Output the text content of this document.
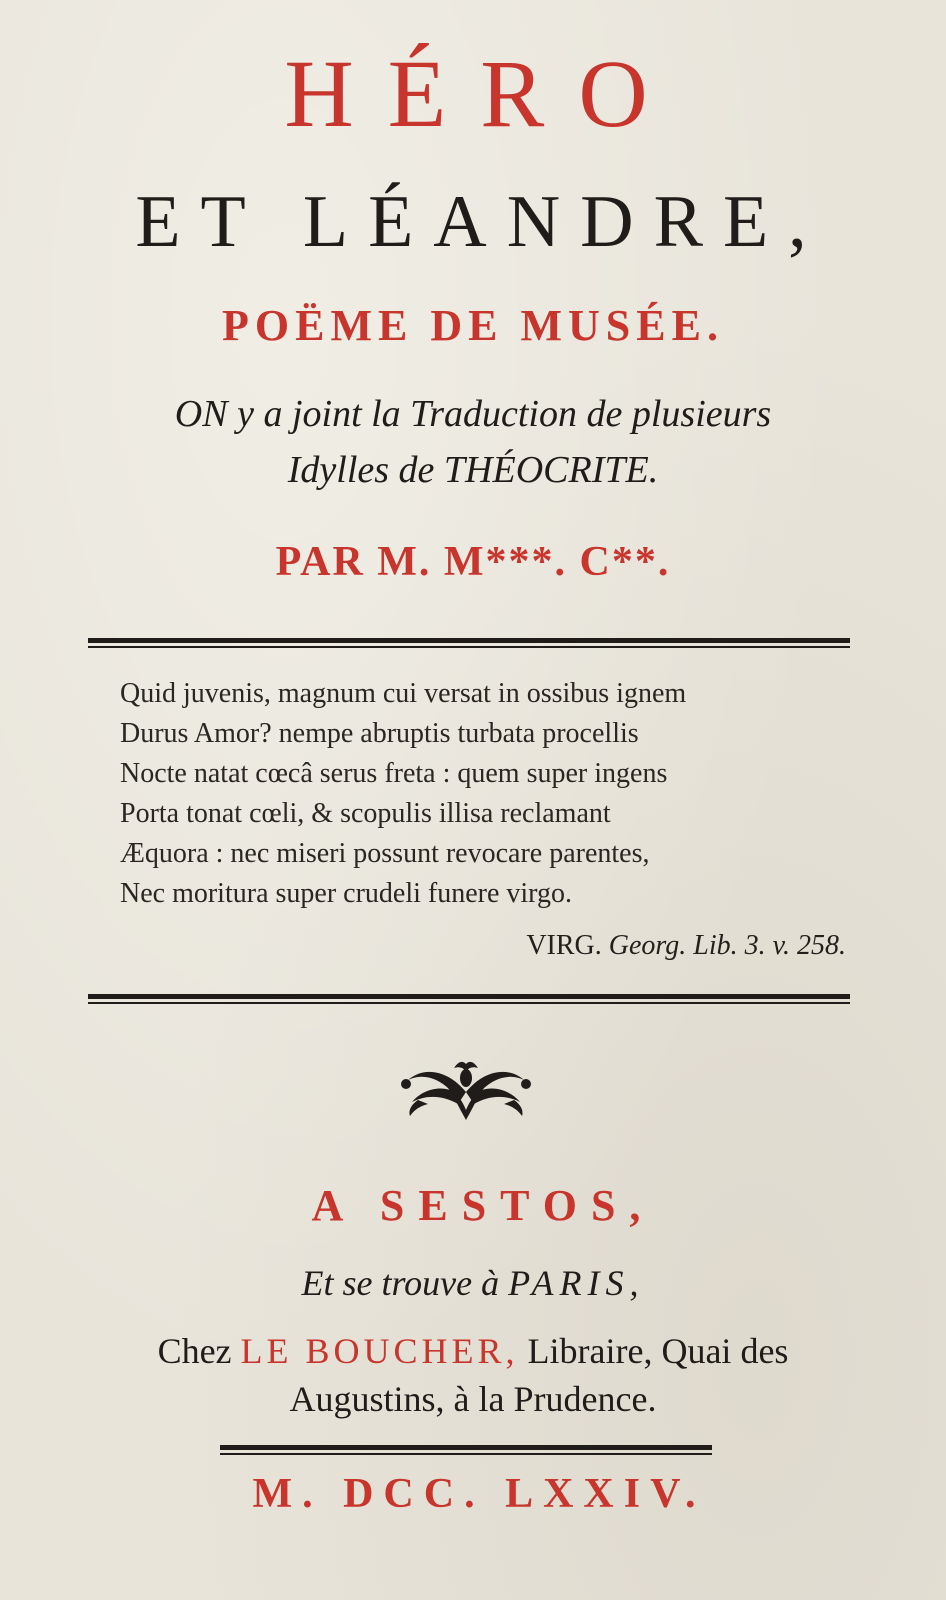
HÉRO
ET LÉANDRE,
POËME DE MUSÉE.
ON y a joint la Traduction de plusieurs
Idylles de THÉOCRITE.
PAR M. M***. C**.
Quid juvenis, magnum cui versat in ossibus ignem
Durus Amor? nempe abruptis turbata procellis
Nocte natat cœcâ serus freta : quem super ingens
Porta tonat cœli, & scopulis illisa reclamant
Æquora : nec miseri possunt revocare parentes,
Nec moritura super crudeli funere virgo.
VIRG. Georg. Lib. 3. v. 258.
A SESTOS,
Et se trouve à PARIS,
Chez LE BOUCHER, Libraire, Quai des
Augustins, à la Prudence.
M. DCC. LXXIV.
